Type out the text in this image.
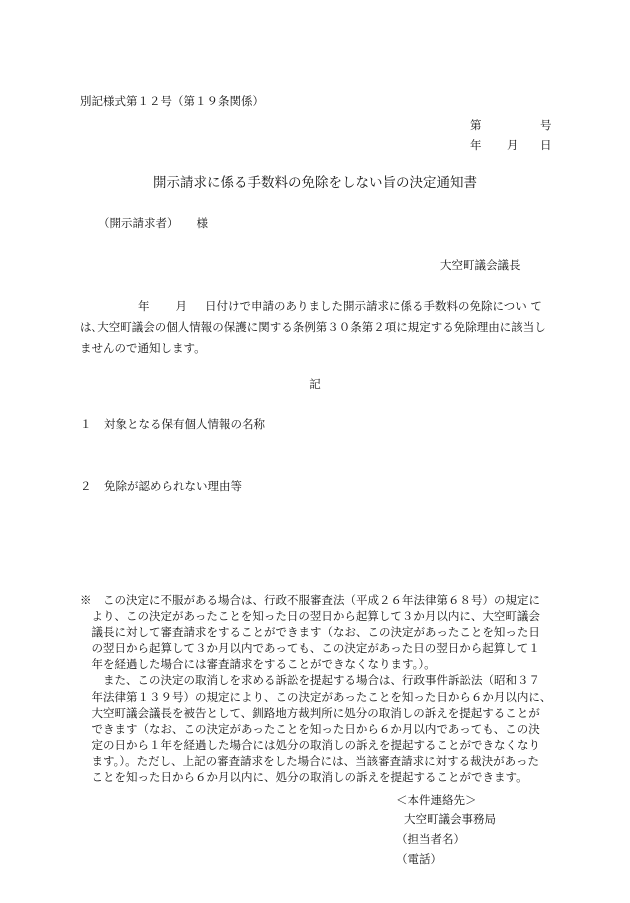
別記様式第１２号（第１９条関係）
第	号
年 月 日
開示請求に係る手数料の免除をしない旨の決定通知書
（開示請求者） 様
大空町議会議長
年 月 日付けで申請のありました開示請求に係る手数料の免除につい て
は､大空町議会の個人情報の保護に関する条例第３０条第２項に規定する免除理由に該当し
ませんので通知します。
記
１ 対象となる保有個人情報の名称
２ 免除が認められない理由等
※　この決定に不服がある場合は、行政不服審査法（平成２６年法律第６８号）の規定に
　より、この決定があったことを知った日の翌日から起算して３か月以内に、大空町議会
　議長に対して審査請求をすることができます（なお、この決定があったことを知った日
　の翌日から起算して３か月以内であっても、この決定があった日の翌日から起算して１
　年を経過した場合には審査請求をすることができなくなります。）。
　　また、この決定の取消しを求める訴訟を提起する場合は、行政事件訴訟法（昭和３７
　年法律第１３９号）の規定により、この決定があったことを知った日から６か月以内に、
　大空町議会議長を被告として、釧路地方裁判所に処分の取消しの訴えを提起することが
　できます（なお、この決定があったことを知った日から６か月以内であっても、この決
　定の日から１年を経過した場合には処分の取消しの訴えを提起することができなくなり
　ます。）。ただし、上記の審査請求をした場合には、当該審査請求に対する裁決があった
　ことを知った日から６か月以内に、処分の取消しの訴えを提起することができます。
＜本件連絡先＞
大空町議会事務局
（担当者名）
（電話）
